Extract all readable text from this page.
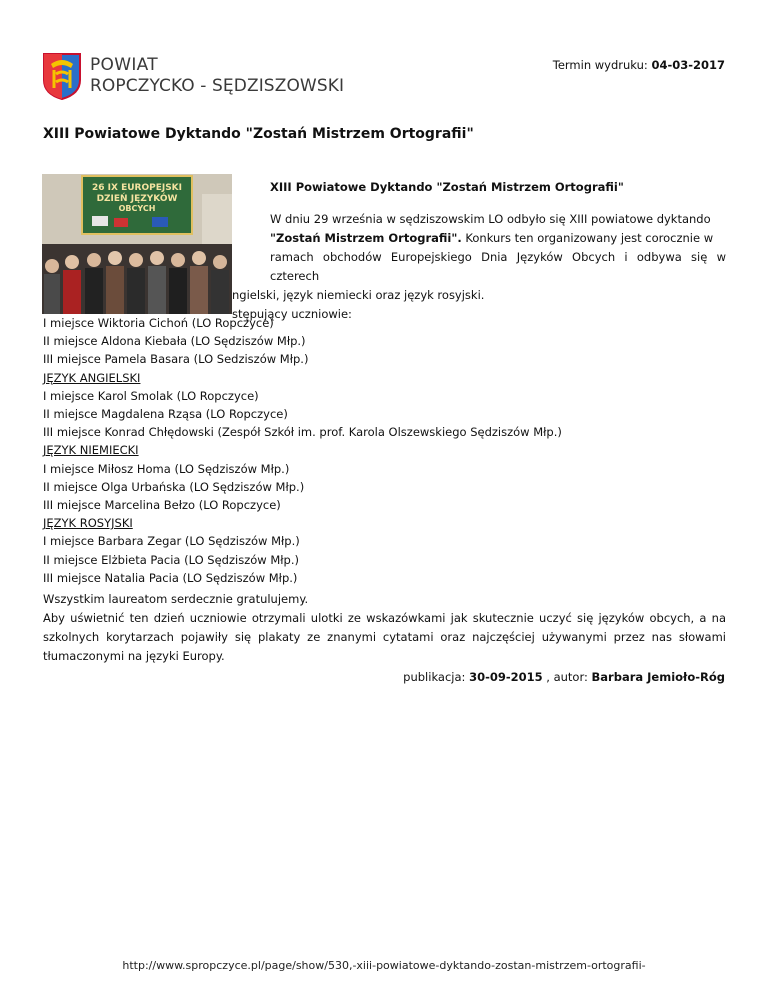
POWIAT
ROPCZYCKO - SĘDZISZOWSKI
Termin wydruku: 04-03-2017
XIII Powiatowe Dyktando "Zostań Mistrzem Ortografii"
26 IX EUROPEJSKI
DZIEŃ JĘZYKÓW
OBCYCH
XIII Powiatowe Dyktando "Zostań Mistrzem Ortografii"
W dniu 29 września w sędziszowskim LO odbyło się XIII powiatowe dyktando
"Zostań Mistrzem Ortografii". Konkurs ten organizowany jest corocznie w
ramach obchodów Europejskiego Dnia Języków Obcych i odbywa się w czterech
ngielski, język niemiecki oraz język rosyjski.
stępujący uczniowie:
I miejsce Wiktoria Cichoń (LO Ropczyce)
II miejsce Aldona Kiebała (LO Sędziszów Młp.)
III miejsce Pamela Basara (LO Sedziszów Młp.)
JĘZYK ANGIELSKI
I miejsce Karol Smolak (LO Ropczyce)
II miejsce Magdalena Rząsa (LO Ropczyce)
III miejsce Konrad Chłędowski (Zespół Szkół im. prof. Karola Olszewskiego Sędziszów Młp.)
JĘZYK NIEMIECKI
I miejsce Miłosz Homa (LO Sędziszów Młp.)
II miejsce Olga Urbańska (LO Sędziszów Młp.)
III miejsce Marcelina Bełzo (LO Ropczyce)
JĘZYK ROSYJSKI
I miejsce Barbara Zegar (LO Sędziszów Młp.)
II miejsce Elżbieta Pacia (LO Sędziszów Młp.)
III miejsce Natalia Pacia (LO Sędziszów Młp.)
Wszystkim laureatom serdecznie gratulujemy.
Aby uświetnić ten dzień uczniowie otrzymali ulotki ze wskazówkami jak skutecznie uczyć się języków obcych, a na szkolnych korytarzach pojawiły się plakaty ze znanymi cytatami oraz najczęściej używanymi przez nas słowami tłumaczonymi na języki Europy.
publikacja: 30-09-2015 , autor: Barbara Jemioło-Róg
http://www.spropczyce.pl/page/show/530,-xiii-powiatowe-dyktando-zostan-mistrzem-ortografii-
